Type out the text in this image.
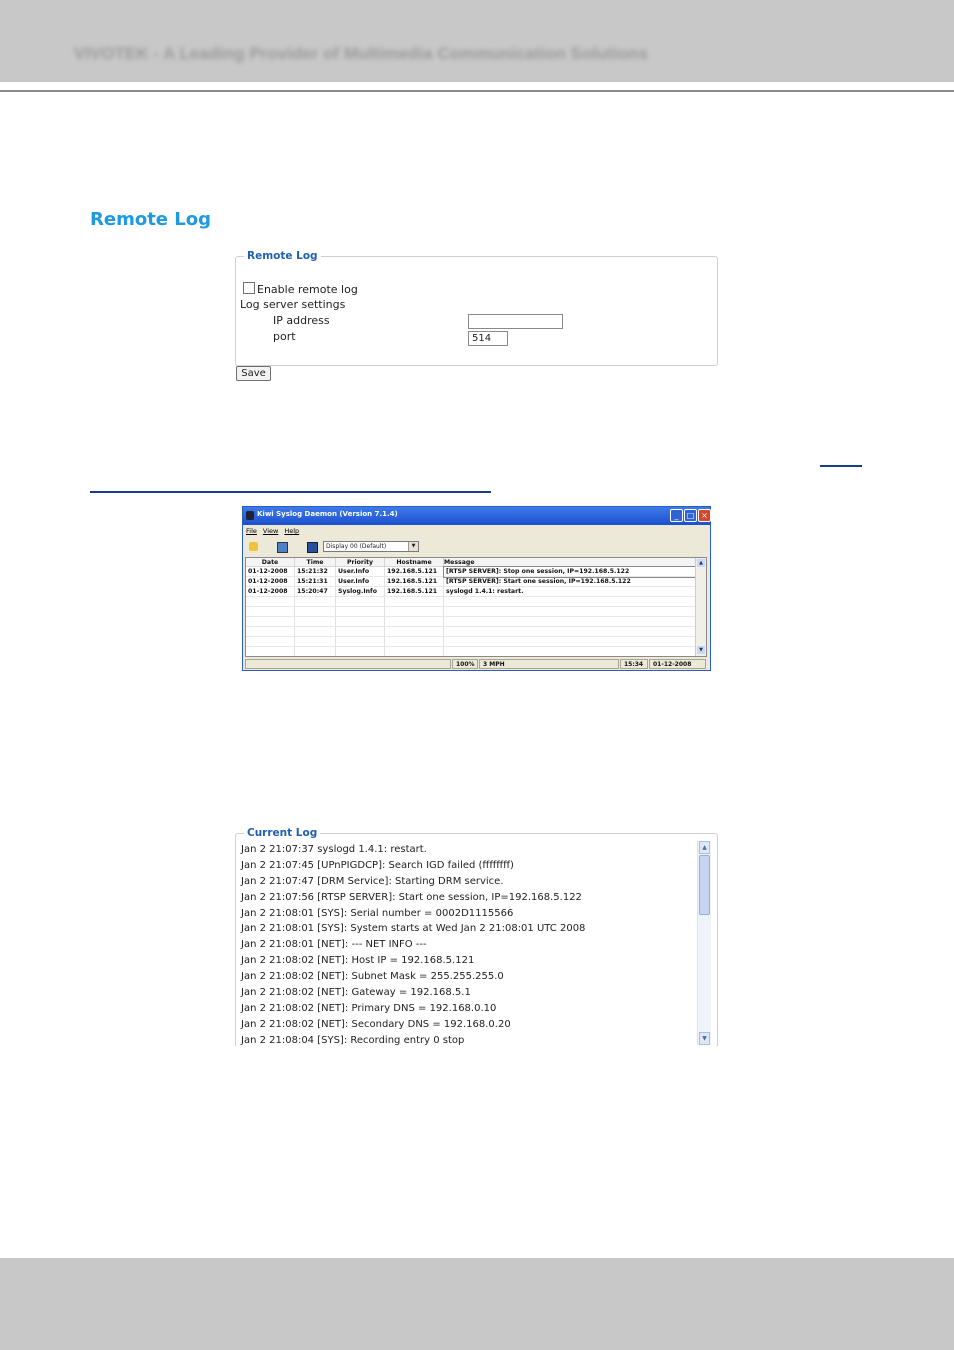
VIVOTEK - A Leading Provider of Multimedia Communication Solutions
Remote Log
Remote Log
Enable remote log
Log server settings
IP address
port	514
Save
Kiwi Syslog Daemon (Version 7.1.4)	_	□ ×
File View Help
Display 00 (Default)	▼
Date	Time	Priority	Hostname	Message
01-12-2008	15:21:32	User.Info	192.168.5.121	[RTSP SERVER]: Stop one session, IP=192.168.5.122
01-12-2008	15:21:31	User.Info	192.168.5.121	[RTSP SERVER]: Start one session, IP=192.168.5.122
01-12-2008	15:20:47	Syslog.Info	192.168.5.121	syslogd 1.4.1: restart.

▲
▼
100%	3 MPH	15:34	01-12-2008
Current Log
Jan 2 21:07:37 syslogd 1.4.1: restart.
Jan 2 21:07:45 [UPnPIGDCP]: Search IGD failed (ffffffff)
Jan 2 21:07:47 [DRM Service]: Starting DRM service.
Jan 2 21:07:56 [RTSP SERVER]: Start one session, IP=192.168.5.122
Jan 2 21:08:01 [SYS]: Serial number = 0002D1115566
Jan 2 21:08:01 [SYS]: System starts at Wed Jan 2 21:08:01 UTC 2008
Jan 2 21:08:01 [NET]: --- NET INFO ---
Jan 2 21:08:02 [NET]: Host IP = 192.168.5.121
Jan 2 21:08:02 [NET]: Subnet Mask = 255.255.255.0
Jan 2 21:08:02 [NET]: Gateway = 192.168.5.1
Jan 2 21:08:02 [NET]: Primary DNS = 192.168.0.10
Jan 2 21:08:02 [NET]: Secondary DNS = 192.168.0.20
Jan 2 21:08:04 [SYS]: Recording entry 0 stop
▲
▼
